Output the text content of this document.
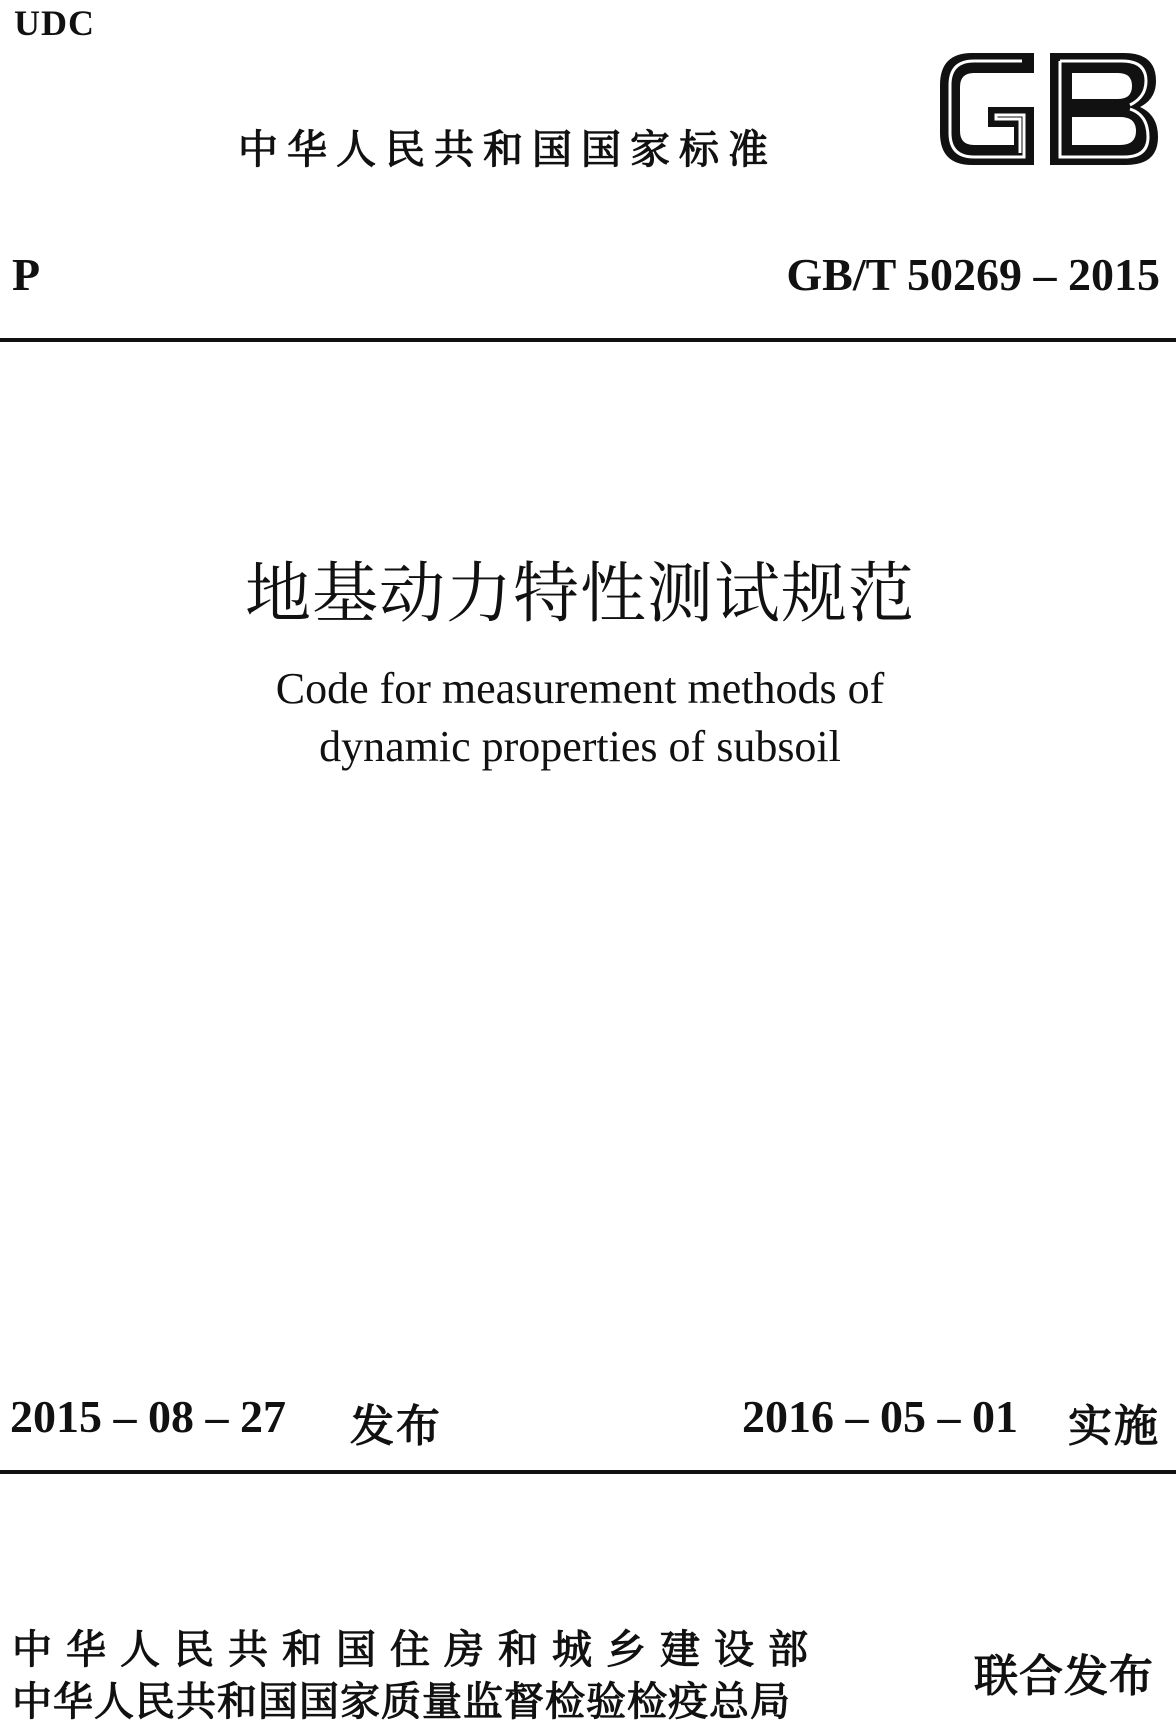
UDC
中华人民共和国国家标准
P	GB/T 50269 – 2015
地基动力特性测试规范
Code for measurement methods of
dynamic properties of subsoil
2015 – 08 – 27 发布	2016 – 05 – 01 实施
中华人民共和国住房和城乡建设部
中华人民共和国国家质量监督检验检疫总局	联合发布
